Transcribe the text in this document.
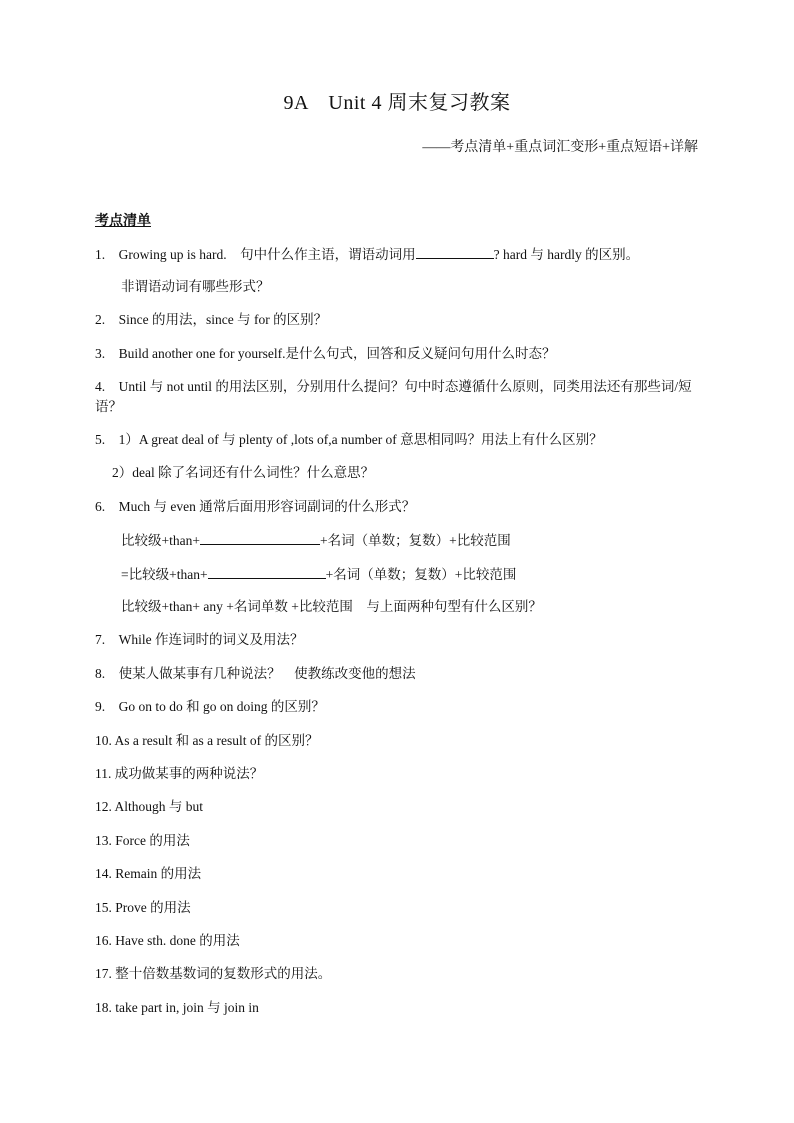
9A　Unit 4 周末复习教案
——考点清单+重点词汇变形+重点短语+详解
考点清单
1.　Growing up is hard.　句中什么作主语，谓语动词用	? hard 与 hardly 的区别。
非谓语动词有哪些形式？
2.　Since 的用法，since 与 for 的区别？
3.　Build another one for yourself.是什么句式，回答和反义疑问句用什么时态？
4.　Until 与 not until 的用法区别，分别用什么提问？句中时态遵循什么原则，同类用法还有那些词/短语？
5.　1）A great deal of 与 plenty of ,lots of,a number of 意思相同吗？用法上有什么区别？
2）deal 除了名词还有什么词性？什么意思？
6.　Much 与 even 通常后面用形容词副词的什么形式？
比较级+than+	+名词（单数；复数）+比较范围
=比较级+than+	+名词（单数；复数）+比较范围
比较级+than+ any +名词单数 +比较范围　与上面两种句型有什么区别？
7.　While 作连词时的词义及用法？
8.　使某人做某事有几种说法？　使教练改变他的想法
9.　Go on to do 和 go on doing 的区别？
10. As a result 和 as a result of 的区别？
11. 成功做某事的两种说法？
12. Although 与 but
13. Force 的用法
14. Remain 的用法
15. Prove 的用法
16. Have sth. done 的用法
17. 整十倍数基数词的复数形式的用法。
18. take part in, join 与 join in
